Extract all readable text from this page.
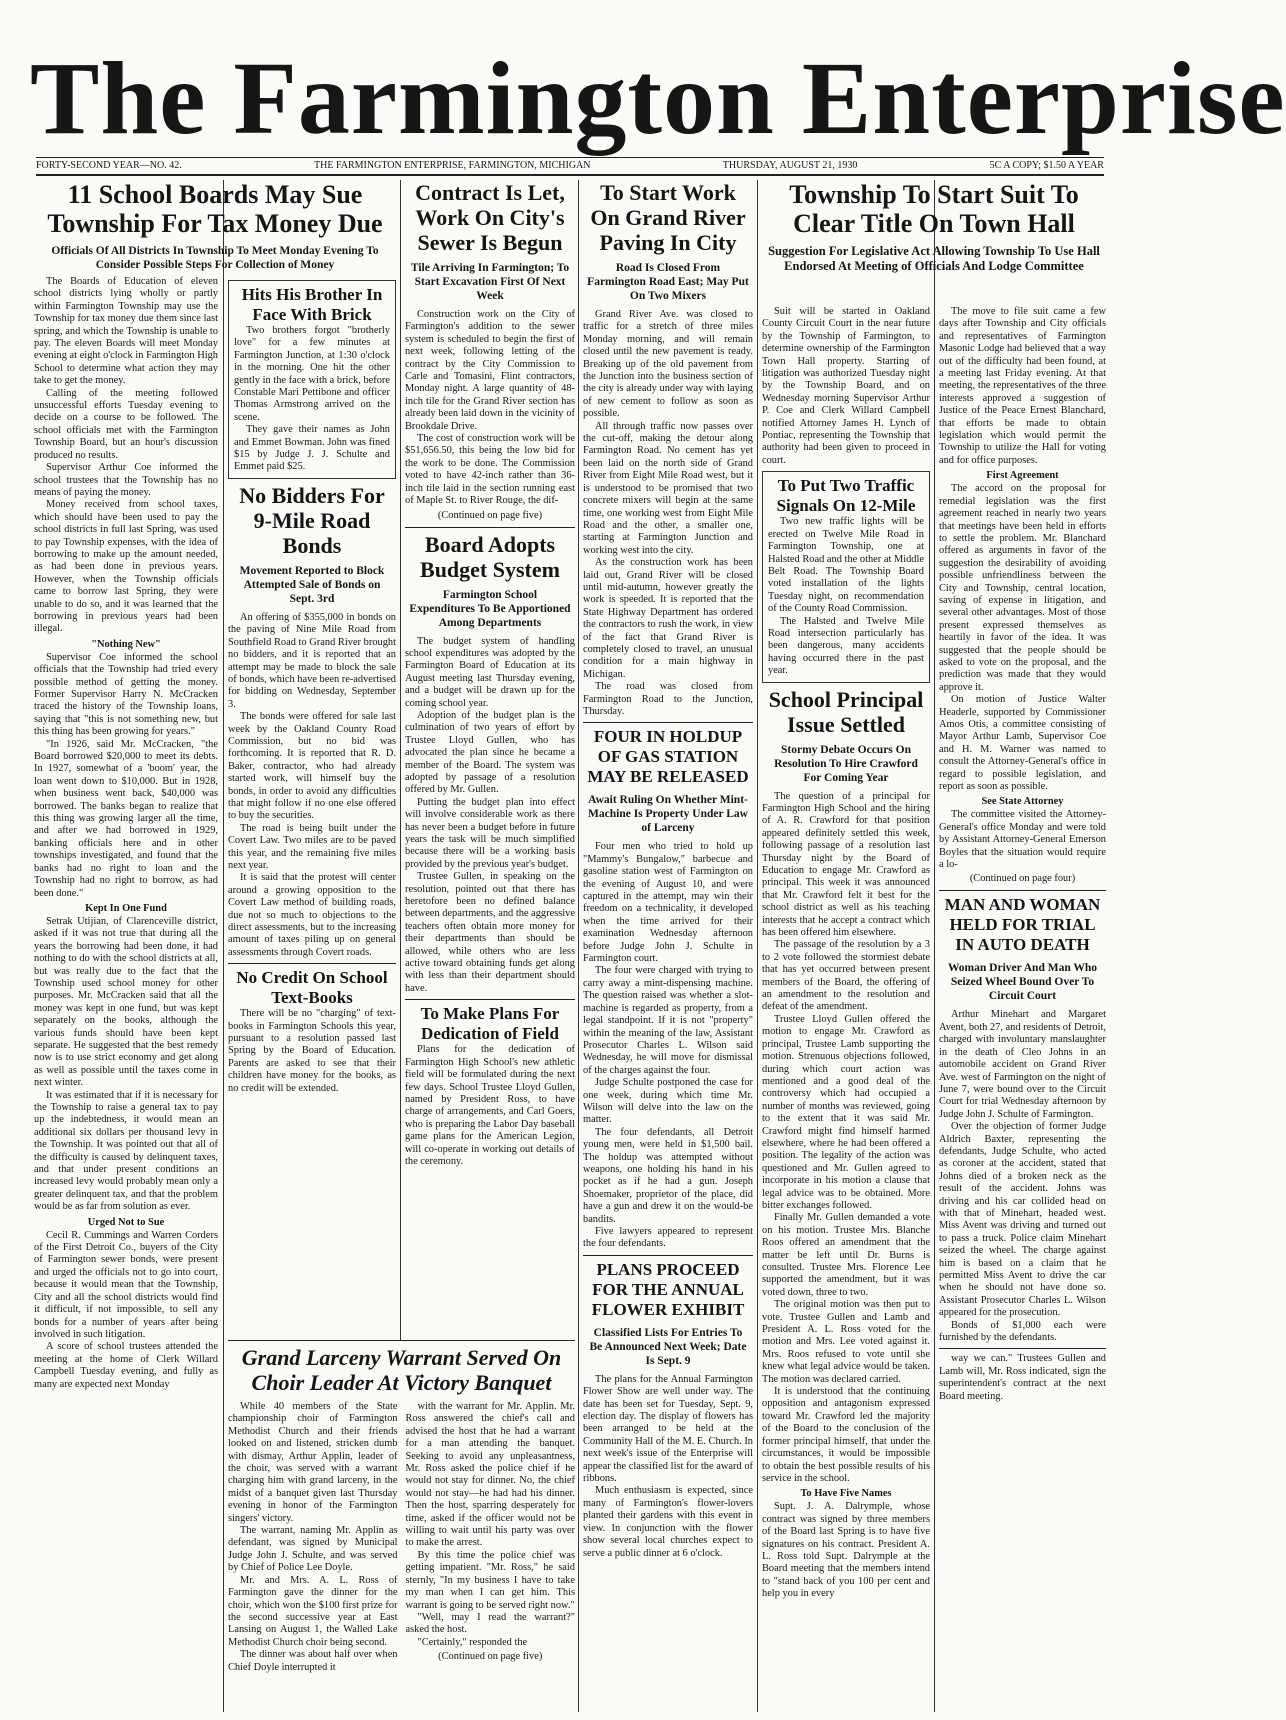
The Farmington Enterprise
FORTY-SECOND YEAR—NO. 42.	THE FARMINGTON ENTERPRISE, FARMINGTON, MICHIGAN	THURSDAY, AUGUST 21, 1930	5C A COPY; $1.50 A YEAR
11 School Boards May Sue Township For Tax Money Due
Officials Of All Districts In Township To Meet Monday Evening To Consider Possible Steps For Collection of Money

The Boards of Education of eleven school districts lying wholly or partly within Farmington Township may use the Township for tax money due them since last spring, and which the Township is unable to pay. The eleven Boards will meet Monday evening at eight o'clock in Farmington High School to determine what action they may take to get the money.

Calling of the meeting followed unsuccessful efforts Tuesday evening to decide on a course to be followed. The school officials met with the Farmington Township Board, but an hour's discussion produced no results.

Supervisor Arthur Coe informed the school trustees that the Township has no means of paying the money.

Money received from school taxes, which should have been used to pay the school districts in full last Spring, was used to pay Township expenses, with the idea of borrowing to make up the amount needed, as had been done in previous years. However, when the Township officials came to borrow last Spring, they were unable to do so, and it was learned that the borrowing in previous years had been illegal.

"Nothing New"

Supervisor Coe informed the school officials that the Township had tried every possible method of getting the money. Former Supervisor Harry N. McCracken traced the history of the Township loans, saying that "this is not something new, but this thing has been growing for years."

"In 1926, said Mr. McCracken, "the Board borrowed $20,000 to meet its debts. In 1927, somewhat of a 'boom' year, the loan went down to $10,000. But in 1928, when business went back, $40,000 was borrowed. The banks began to realize that this thing was growing larger all the time, and after we had borrowed in 1929, banking officials here and in other townships investigated, and found that the banks had no right to loan and the Township had no right to borrow, as had been done."

Kept In One Fund

Setrak Utijian, of Clarenceville district, asked if it was not true that during all the years the borrowing had been done, it had nothing to do with the school districts at all, but was really due to the fact that the Township used school money for other purposes. Mr. McCracken said that all the money was kept in one fund, but was kept separately on the books, although the various funds should have been kept separate. He suggested that the best remedy now is to use strict economy and get along as well as possible until the taxes come in next winter.

It was estimated that if it is necessary for the Township to raise a general tax to pay up the indebtedness, it would mean an additional six dollars per thousand levy in the Township. It was pointed out that all of the difficulty is caused by delinquent taxes, and that under present conditions an increased levy would probably mean only a greater delinquent tax, and that the problem would be as far from solution as ever.

Urged Not to Sue

Cecil R. Cummings and Warren Corders of the First Detroit Co., buyers of the City of Farmington sewer bonds, were present and urged the officials not to go into court, because it would mean that the Township, City and all the school districts would find it difficult, if not impossible, to sell any bonds for a number of years after being involved in such litigation.

A score of school trustees attended the meeting at the home of Clerk Willard Campbell Tuesday evening, and fully as many are expected next Monday

Hits His Brother In Face With Brick

Two brothers forgot "brotherly love" for a few minutes at Farmington Junction, at 1:30 o'clock in the morning. One hit the other gently in the face with a brick, before Constable Mari Pettibone and officer Thomas Armstrong arrived on the scene.

They gave their names as John and Emmet Bowman. John was fined $15 by Judge J. J. Schulte and Emmet paid $25.

No Bidders For 9-Mile Road Bonds
Movement Reported to Block Attempted Sale of Bonds on Sept. 3rd

An offering of $355,000 in bonds on the paving of Nine Mile Road from Southfield Road to Grand River brought no bidders, and it is reported that an attempt may be made to block the sale of bonds, which have been re-advertised for bidding on Wednesday, September 3.

The bonds were offered for sale last week by the Oakland County Road Commission, but no bid was forthcoming. It is reported that R. D. Baker, contractor, who had already started work, will himself buy the bonds, in order to avoid any difficulties that might follow if no one else offered to buy the securities.

The road is being built under the Covert Law. Two miles are to be paved this year, and the remaining five miles next year.

It is said that the protest will center around a growing opposition to the Covert Law method of building roads, due not so much to objections to the direct assessments, but to the increasing amount of taxes piling up on general assessments through Covert roads.

No Credit On School Text-Books

There will be no "charging" of text-books in Farmington Schools this year, pursuant to a resolution passed last Spring by the Board of Education. Parents are asked to see that their children have money for the books, as no credit will be extended.

Contract Is Let, Work On City's Sewer Is Begun
Tile Arriving In Farmington; To Start Excavation First Of Next Week

Construction work on the City of Farmington's addition to the sewer system is scheduled to begin the first of next week, following letting of the contract by the City Commission to Carle and Tomasini, Flint contractors, Monday night. A large quantity of 48-inch tile for the Grand River section has already been laid down in the vicinity of Brookdale Drive.

The cost of construction work will be $51,656.50, this being the low bid for the work to be done. The Commission voted to have 42-inch rather than 36-inch tile laid in the section running east of Maple St. to River Rouge, the dif-

(Continued on page five)
Board Adopts Budget System
Farmington School Expenditures To Be Apportioned Among Departments

The budget system of handling school expenditures was adopted by the Farmington Board of Education at its August meeting last Thursday evening, and a budget will be drawn up for the coming school year.

Adoption of the budget plan is the culmination of two years of effort by Trustee Lloyd Gullen, who has advocated the plan since he became a member of the Board. The system was adopted by passage of a resolution offered by Mr. Gullen.

Putting the budget plan into effect will involve considerable work as there has never been a budget before in future years the task will be much simplified because there will be a working basis provided by the previous year's budget.

Trustee Gullen, in speaking on the resolution, pointed out that there has heretofore been no defined balance between departments, and the aggressive teachers often obtain more money for their departments than should be allowed, while others who are less active toward obtaining funds get along with less than their department should have.

To Make Plans For Dedication of Field

Plans for the dedication of Farmington High School's new athletic field will be formulated during the next few days. School Trustee Lloyd Gullen, named by President Ross, to have charge of arrangements, and Carl Goers, who is preparing the Labor Day baseball game plans for the American Legion, will co-operate in working out details of the ceremony.

Grand Larceny Warrant Served On Choir Leader At Victory Banquet

While 40 members of the State championship choir of Farmington Methodist Church and their friends looked on and listened, stricken dumb with dismay, Arthur Applin, leader of the choir, was served with a warrant charging him with grand larceny, in the midst of a banquet given last Thursday evening in honor of the Farmington singers' victory.

The warrant, naming Mr. Applin as defendant, was signed by Municipal Judge John J. Schulte, and was served by Chief of Police Lee Doyle.

Mr. and Mrs. A. L. Ross of Farmington gave the dinner for the choir, which won the $100 first prize for the second successive year at East Lansing on August 1, the Walled Lake Methodist Church choir being second.

The dinner was about half over when Chief Doyle interrupted it

with the warrant for Mr. Applin. Mr. Ross answered the chief's call and advised the host that he had a warrant for a man attending the banquet. Seeking to avoid any unpleasantness, Mr. Ross asked the police chief if he would not stay for dinner. No, the chief would not stay—he had had his dinner. Then the host, sparring desperately for time, asked if the officer would not be willing to wait until his party was over to make the arrest.

By this time the police chief was getting impatient. "Mr. Ross," he said sternly, "In my business I have to take my man when I can get him. This warrant is going to be served right now."

"Well, may I read the warrant?" asked the host.

"Certainly," responded the

(Continued on page five)
To Start Work On Grand River Paving In City
Road Is Closed From Farmington Road East; May Put On Two Mixers

Grand River Ave. was closed to traffic for a stretch of three miles Monday morning, and will remain closed until the new pavement is ready. Breaking up of the old pavement from the Junction into the business section of the city is already under way with laying of new cement to follow as soon as possible.

All through traffic now passes over the cut-off, making the detour along Farmington Road. No cement has yet been laid on the north side of Grand River from Eight Mile Road west, but it is understood to be promised that two concrete mixers will begin at the same time, one working west from Eight Mile Road and the other, a smaller one, starting at Farmington Junction and working west into the city.

As the construction work has been laid out, Grand River will be closed until mid-autumn, however greatly the work is speeded. It is reported that the State Highway Department has ordered the contractors to rush the work, in view of the fact that Grand River is completely closed to travel, an unusual condition for a main highway in Michigan.

The road was closed from Farmington Road to the Junction, Thursday.

FOUR IN HOLDUP OF GAS STATION MAY BE RELEASED
Await Ruling On Whether Mint-Machine Is Property Under Law of Larceny

Four men who tried to hold up "Mammy's Bungalow," barbecue and gasoline station west of Farmington on the evening of August 10, and were captured in the attempt, may win their freedom on a technicality, it developed when the time arrived for their examination Wednesday afternoon before Judge John J. Schulte in Farmington court.

The four were charged with trying to carry away a mint-dispensing machine. The question raised was whether a slot-machine is regarded as property, from a legal standpoint. If it is not "property" within the meaning of the law, Assistant Prosecutor Charles L. Wilson said Wednesday, he will move for dismissal of the charges against the four.

Judge Schulte postponed the case for one week, during which time Mr. Wilson will delve into the law on the matter.

The four defendants, all Detroit young men, were held in $1,500 bail. The holdup was attempted without weapons, one holding his hand in his pocket as if he had a gun. Joseph Shoemaker, proprietor of the place, did have a gun and drew it on the would-be bandits.

Five lawyers appeared to represent the four defendants.

PLANS PROCEED FOR THE ANNUAL FLOWER EXHIBIT
Classified Lists For Entries To Be Announced Next Week; Date Is Sept. 9

The plans for the Annual Farmington Flower Show are well under way. The date has been set for Tuesday, Sept. 9, election day. The display of flowers has been arranged to be held at the Community Hall of the M. E. Church. In next week's issue of the Enterprise will appear the classified list for the award of ribbons.

Much enthusiasm is expected, since many of Farmington's flower-lovers planted their gardens with this event in view. In conjunction with the flower show several local churches expect to serve a public dinner at 6 o'clock.

Township To Start Suit To Clear Title On Town Hall
Suggestion For Legislative Act Allowing Township To Use Hall Endorsed At Meeting of Officials And Lodge Committee

Suit will be started in Oakland County Circuit Court in the near future by the Township of Farmington, to determine ownership of the Farmington Town Hall property. Starting of litigation was authorized Tuesday night by the Township Board, and on Wednesday morning Supervisor Arthur P. Coe and Clerk Willard Campbell notified Attorney James H. Lynch of Pontiac, representing the Township that authority had been given to proceed in court.

To Put Two Traffic Signals On 12-Mile

Two new traffic lights will be erected on Twelve Mile Road in Farmington Township, one at Halsted Road and the other at Middle Belt Road. The Township Board voted installation of the lights Tuesday night, on recommendation of the County Road Commission.

The Halsted and Twelve Mile Road intersection particularly has been dangerous, many accidents having occurred there in the past year.

School Principal Issue Settled
Stormy Debate Occurs On Resolution To Hire Crawford For Coming Year

The question of a principal for Farmington High School and the hiring of A. R. Crawford for that position appeared definitely settled this week, following passage of a resolution last Thursday night by the Board of Education to engage Mr. Crawford as principal. This week it was announced that Mr. Crawford felt it best for the school district as well as his teaching interests that he accept a contract which has been offered him elsewhere.

The passage of the resolution by a 3 to 2 vote followed the stormiest debate that has yet occurred between present members of the Board, the offering of an amendment to the resolution and defeat of the amendment.

Trustee Lloyd Gullen offered the motion to engage Mr. Crawford as principal, Trustee Lamb supporting the motion. Strenuous objections followed, during which court action was mentioned and a good deal of the controversy which had occupied a number of months was reviewed, going to the extent that it was said Mr. Crawford might find himself harmed elsewhere, where he had been offered a position. The legality of the action was questioned and Mr. Gullen agreed to incorporate in his motion a clause that legal advice was to be obtained. More bitter exchanges followed.

Finally Mr. Gullen demanded a vote on his motion. Trustee Mrs. Blanche Roos offered an amendment that the matter be left until Dr. Burns is consulted. Trustee Mrs. Florence Lee supported the amendment, but it was voted down, three to two.

The original motion was then put to vote. Trustee Gullen and Lamb and President A. L. Ross voted for the motion and Mrs. Lee voted against it. Mrs. Roos refused to vote until she knew what legal advice would be taken. The motion was declared carried.

It is understood that the continuing opposition and antagonism expressed toward Mr. Crawford led the majority of the Board to the conclusion of the former principal himself, that under the circumstances, it would be impossible to obtain the best possible results of his service in the school.

To Have Five Names

Supt. J. A. Dalrymple, whose contract was signed by three members of the Board last Spring is to have five signatures on his contract. President A. L. Ross told Supt. Dalrymple at the Board meeting that the members intend to "stand back of you 100 per cent and help you in every

The move to file suit came a few days after Township and City officials and representatives of Farmington Masonic Lodge had believed that a way out of the difficulty had been found, at a meeting last Friday evening. At that meeting, the representatives of the three interests approved a suggestion of Justice of the Peace Ernest Blanchard, that efforts be made to obtain legislation which would permit the Township to utilize the Hall for voting and for office purposes.

First Agreement

The accord on the proposal for remedial legislation was the first agreement reached in nearly two years that meetings have been held in efforts to settle the problem. Mr. Blanchard offered as arguments in favor of the suggestion the desirability of avoiding possible unfriendliness between the City and Township, central location, saving of expense in litigation, and several other advantages. Most of those present expressed themselves as heartily in favor of the idea. It was suggested that the people should be asked to vote on the proposal, and the prediction was made that they would approve it.

On motion of Justice Walter Headerle, supported by Commissioner Amos Otis, a committee consisting of Mayor Arthur Lamb, Supervisor Coe and H. M. Warner was named to consult the Attorney-General's office in regard to possible legislation, and report as soon as possible.

See State Attorney

The committee visited the Attorney-General's office Monday and were told by Assistant Attorney-General Emerson Boyles that the situation would require a lo-

(Continued on page four)
MAN AND WOMAN HELD FOR TRIAL IN AUTO DEATH
Woman Driver And Man Who Seized Wheel Bound Over To Circuit Court

Arthur Minehart and Margaret Avent, both 27, and residents of Detroit, charged with involuntary manslaughter in the death of Cleo Johns in an automobile accident on Grand River Ave. west of Farmington on the night of June 7, were bound over to the Circuit Court for trial Wednesday afternoon by Judge John J. Schulte of Farmington.

Over the objection of former Judge Aldrich Baxter, representing the defendants, Judge Schulte, who acted as coroner at the accident, stated that Johns died of a broken neck as the result of the accident. Johns was driving and his car collided head on with that of Minehart, headed west. Miss Avent was driving and turned out to pass a truck. Police claim Minehart seized the wheel. The charge against him is based on a claim that he permitted Miss Avent to drive the car when he should not have done so. Assistant Prosecutor Charles L. Wilson appeared for the prosecution.

Bonds of $1,000 each were furnished by the defendants.

way we can." Trustees Gullen and Lamb will, Mr. Ross indicated, sign the superintendent's contract at the next Board meeting.
